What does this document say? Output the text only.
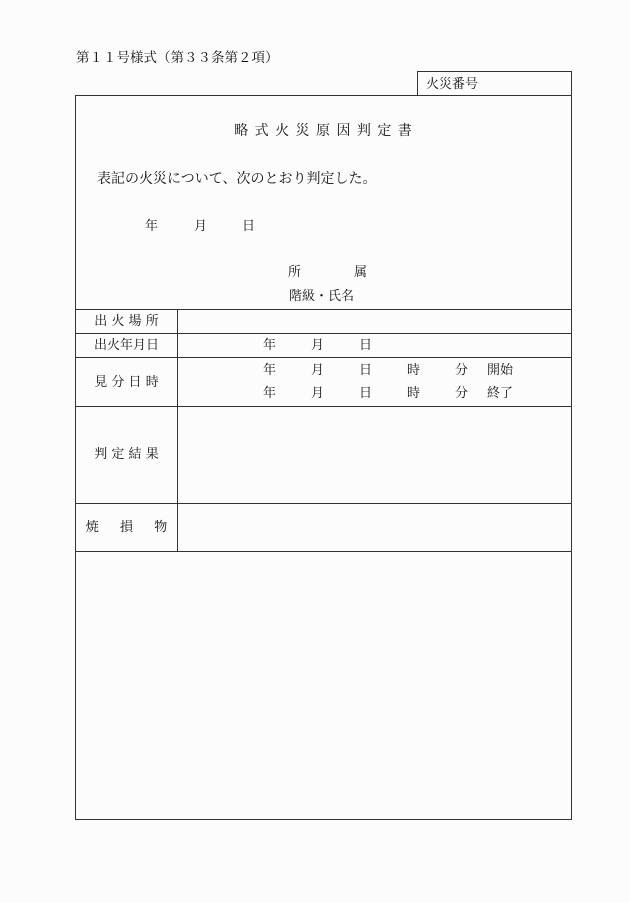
第１１号様式（第３３条第２項）
火災番号
略 式 火 災 原 因 判 定 書
表記の火災について、次のとおり判定した。
年	月	日
所	属
階級・氏名
出 火 場 所
出火年月日	年	月	日
見 分 日 時
年	月	日	時	分 開始
年	月	日	時	分 終了
判 定 結 果
焼 　 損 　 物
